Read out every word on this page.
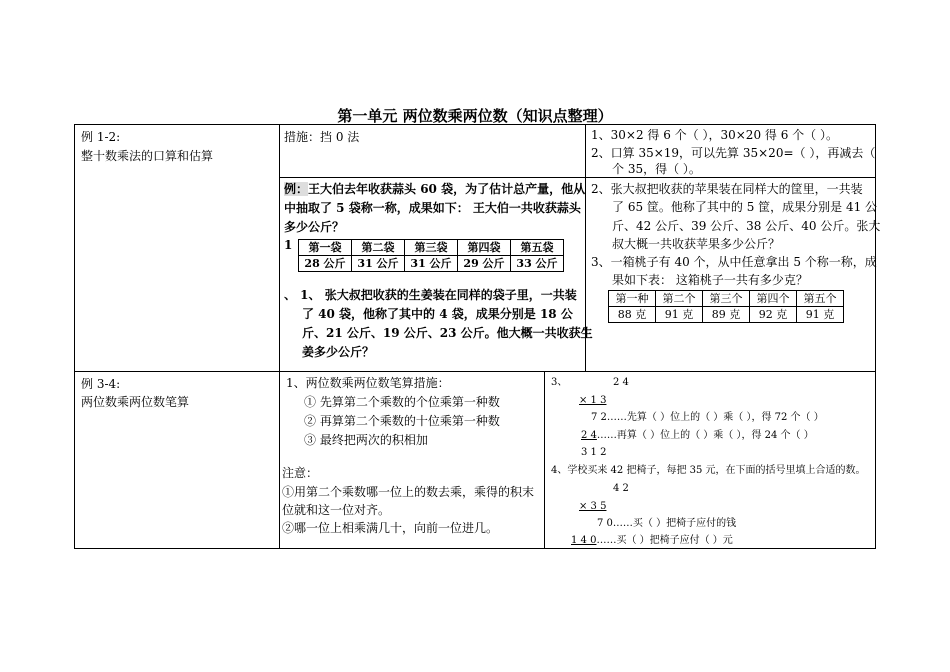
第一单元 两位数乘两位数（知识点整理）
例 1-2:
整十数乘法的口算和估算
措施：挡 0 法
例：王大伯去年收获蒜头 60 袋，为了估计总产量，他从
中抽取了 5 袋称一称，成果如下： 王大伯一共收获蒜头
多少公斤？
1 第一袋	第二袋	第三袋	第四袋	第五袋
28 公斤	31 公斤	31 公斤	29 公斤	33 公斤
、 1、 张大叔把收获的生姜装在同样的袋子里，一共装
了 40 袋，他称了其中的 4 袋，成果分别是 18 公
斤、21 公斤、19 公斤、23 公斤。他大概一共收获生
姜多少公斤？
1、30×2 得 6 个（ ），30×20 得 6 个（ ）。
2、口算 35×19，可以先算 35×20=（ ），再减去（
个 35，得（ ）。
2、张大叔把收获的苹果装在同样大的筐里，一共装
了 65 筐。他称了其中的 5 筐，成果分别是 41 公
斤、42 公斤、39 公斤、38 公斤、40 公斤。张大
叔大概一共收获苹果多少公斤？
3、一箱桃子有 40 个，从中任意拿出 5 个称一称，成
果如下表： 这箱桃子一共有多少克？
第一种	第二个	第三个	第四个	第五个
88 克	91 克	89 克	92 克	91 克
例 3-4:
两位数乘两位数笔算
1、两位数乘两位数笔算措施：
① 先算第二个乘数的个位乘第一种数
② 再算第二个乘数的十位乘第一种数
③ 最终把两次的积相加
注意：
①用第二个乘数哪一位上的数去乘，乘得的积末
位就和这一位对齐。
②哪一位上相乘满几十，向前一位进几。
3、	2 4
× 1 3
7 2……先算（ ）位上的（ ）乘（ ），得 72 个（ ）
2 4……再算（ ）位上的（ ）乘（ ），得 24 个（ ）
3 1 2
4、学校买来 42 把椅子，每把 35 元，在下面的括号里填上合适的数。
4 2
× 3 5
7 0……买（ ）把椅子应付的钱
1 4 0……买（ ）把椅子应付（ ）元
